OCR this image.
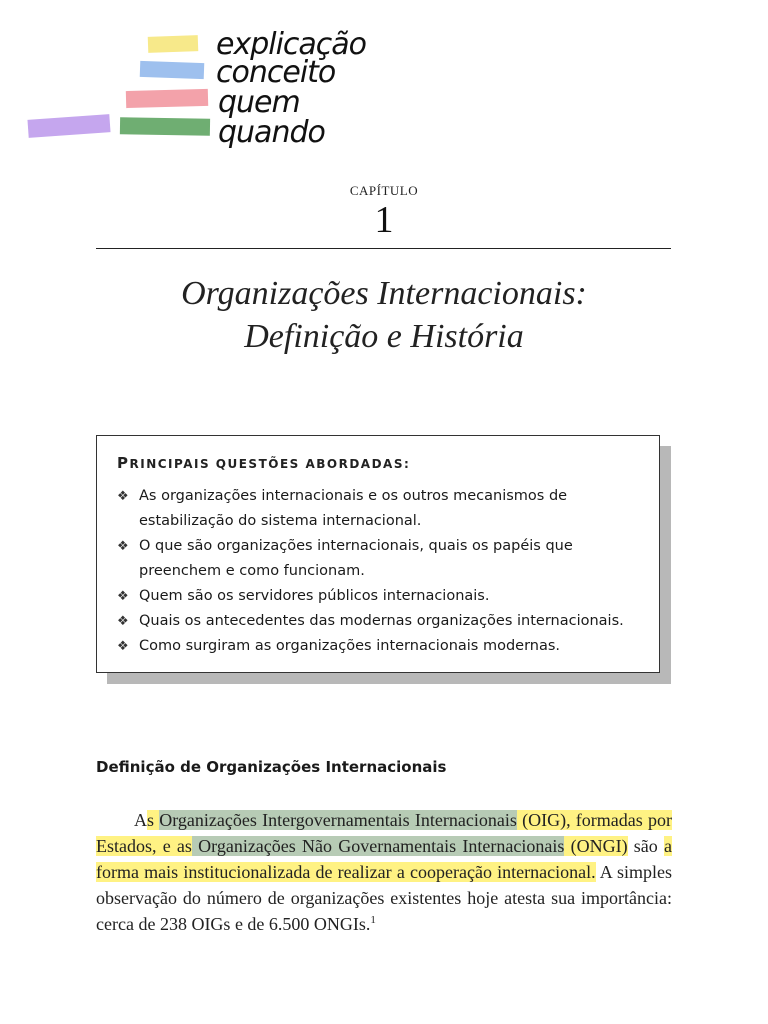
explicação
conceito
quem
quando
CAPÍTULO
1
Organizações Internacionais:
Definição e História
PRINCIPAIS QUESTÕES ABORDADAS:
❖ As organizações internacionais e os outros mecanismos de estabilização do sistema internacional.
❖ O que são organizações internacionais, quais os papéis que preenchem e como funcionam.
❖ Quem são os servidores públicos internacionais.
❖ Quais os antecedentes das modernas organizações internacionais.
❖ Como surgiram as organizações internacionais modernas.
Definição de Organizações Internacionais

As Organizações Intergovernamentais Internacionais (OIG), formadas por Estados, e as Organizações Não Governamentais Internacionais (ONGI) são a forma mais institucionalizada de realizar a cooperação internacional. A simples observação do número de organizações existentes hoje atesta sua importância: cerca de 238 OIGs e de 6.500 ONGIs.$^1$
